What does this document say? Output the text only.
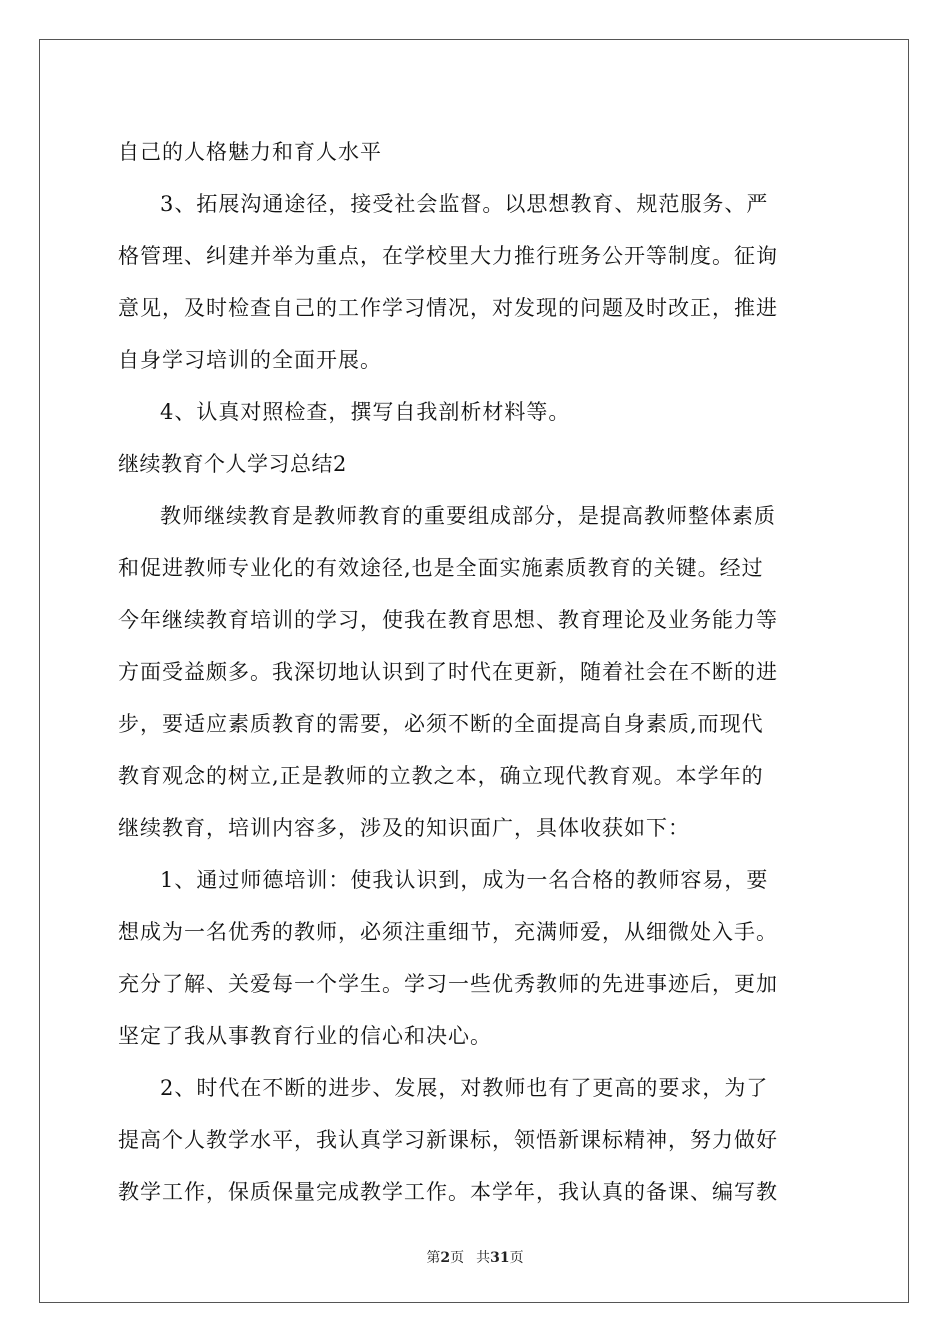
自己的人格魅力和育人水平
3、拓展沟通途径，接受社会监督。以思想教育、规范服务、严
格管理、纠建并举为重点，在学校里大力推行班务公开等制度。征询
意见，及时检查自己的工作学习情况，对发现的问题及时改正，推进
自身学习培训的全面开展。
4、认真对照检查，撰写自我剖析材料等。
继续教育个人学习总结2
教师继续教育是教师教育的重要组成部分，是提高教师整体素质
和促进教师专业化的有效途径,也是全面实施素质教育的关键。经过
今年继续教育培训的学习，使我在教育思想、教育理论及业务能力等
方面受益颇多。我深切地认识到了时代在更新，随着社会在不断的进
步，要适应素质教育的需要，必须不断的全面提高自身素质,而现代
教育观念的树立,正是教师的立教之本，确立现代教育观。本学年的
继续教育，培训内容多，涉及的知识面广，具体收获如下：
1、通过师德培训：使我认识到，成为一名合格的教师容易，要
想成为一名优秀的教师，必须注重细节，充满师爱，从细微处入手。
充分了解、关爱每一个学生。学习一些优秀教师的先进事迹后，更加
坚定了我从事教育行业的信心和决心。
2、时代在不断的进步、发展，对教师也有了更高的要求，为了
提高个人教学水平，我认真学习新课标，领悟新课标精神，努力做好
教学工作，保质保量完成教学工作。本学年，我认真的备课、编写教
第2页 共31页
